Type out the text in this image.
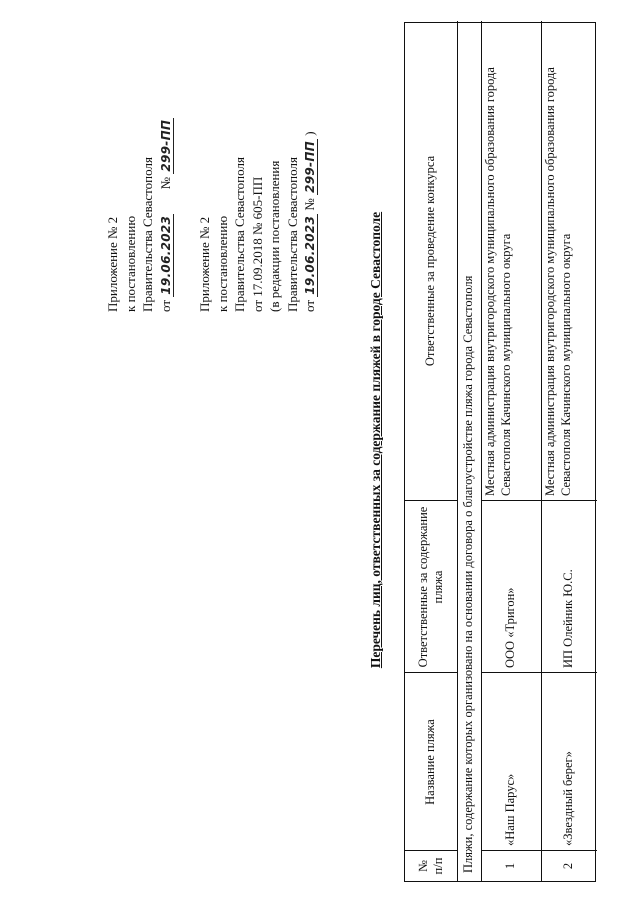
Приложение № 2 к постановлению Правительства Севастополя от 19.06.2023  № 299-ПП
Приложение № 2 к постановлению Правительства Севастополя от 17.09.2018 № 605-ПП (в редакции постановления Правительства Севастополя от 19.06.2023 № 299-ПП )
Перечень лиц, ответственных за содержание пляжей в городе Севастополе
№
п/п
Название пляжа
Ответственные за содержание
пляжа
Ответственные за проведение конкурса
Пляжи, содержание которых организовано на основании договора о благоустройстве пляжа города Севастополя	1
«Наш Парус»
ООО «Тригон»
Местная администрация внутригородского муниципального образования города Севастополя Качинского муниципального округа
2
«Звездный берег»
ИП Олейник Ю.С.
Местная администрация внутригородского муниципального образования города Севастополя Качинского муниципального округа
